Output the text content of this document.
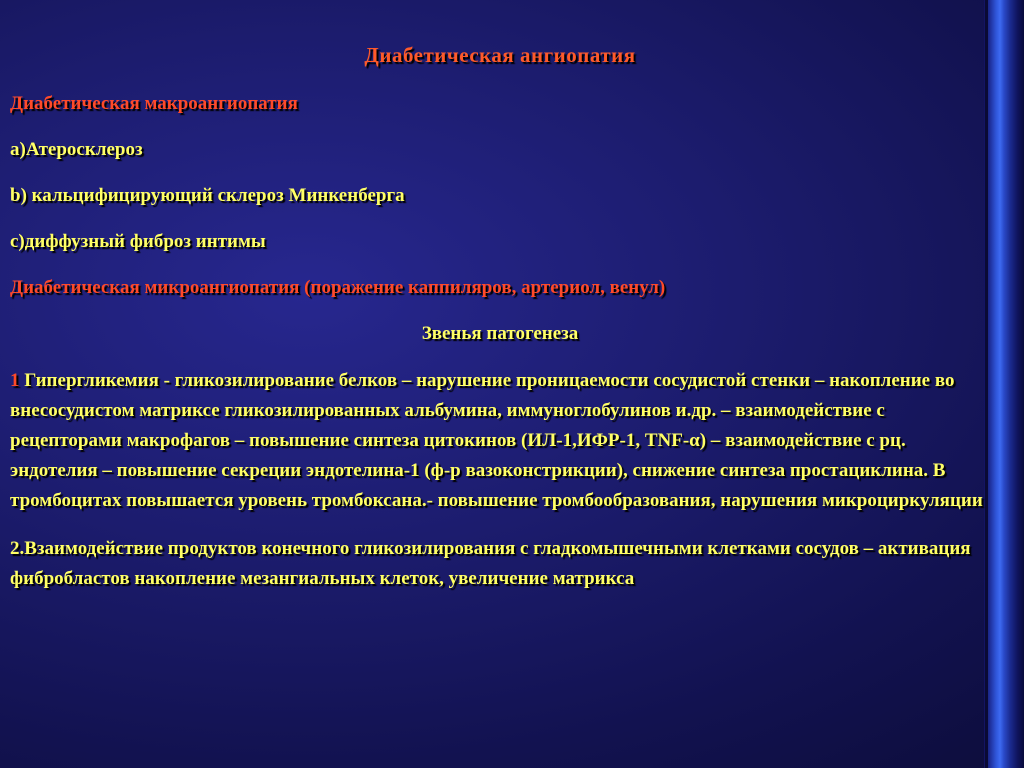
Диабетическая ангиопатия

Диабетическая макроангиопатия

а)Атеросклероз

b) кальцифицирующий склероз Минкенберга

с)диффузный фиброз интимы

Диабетическая микроангиопатия (поражение каппиляров, артериол, венул)

Звенья патогенеза

1 Гипергликемия - гликозилирование белков – нарушение проницаемости сосудистой стенки – накопление во внесосудистом матриксе гликозилированных альбумина, иммуноглобулинов и.др. – взаимодействие с рецепторами макрофагов – повышение синтеза цитокинов (ИЛ-1,ИФР-1, TNF-α) – взаимодействие с рц. эндотелия – повышение секреции эндотелина-1 (ф-р вазоконстрикции), снижение синтеза простациклина. В тромбоцитах повышается уровень тромбоксана.- повышение тромбообразования, нарушения микроциркуляции

2.Взаимодействие продуктов конечного гликозилирования с гладкомышечными клетками сосудов – активация фибробластов накопление мезангиальных клеток, увеличение матрикса
